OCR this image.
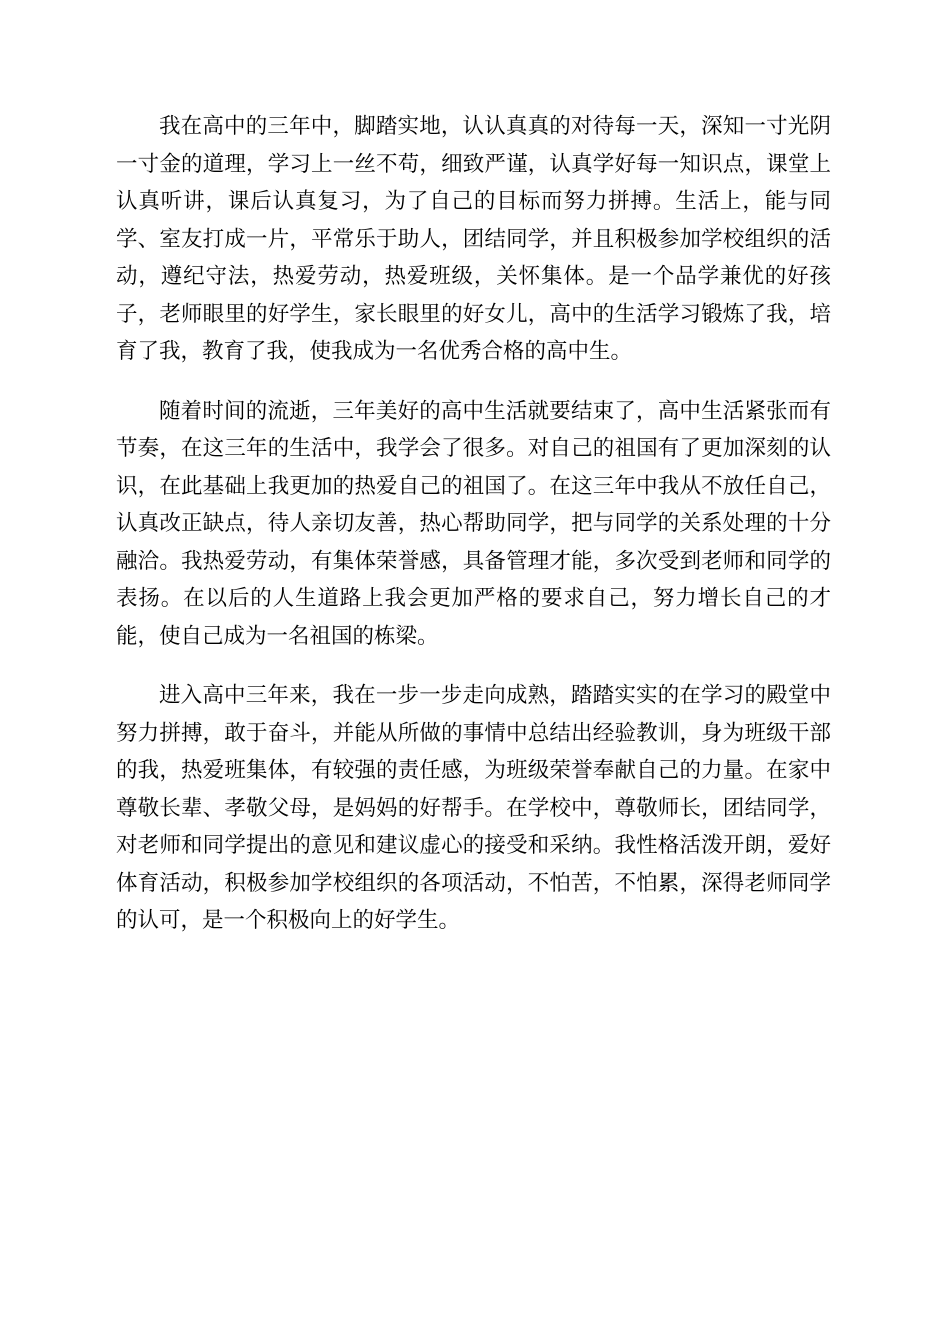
我在高中的三年中，脚踏实地，认认真真的对待每一天，深知一寸光阴一寸金的道理，学习上一丝不苟，细致严谨，认真学好每一知识点，课堂上认真听讲，课后认真复习，为了自己的目标而努力拼搏。生活上，能与同学、室友打成一片，平常乐于助人，团结同学，并且积极参加学校组织的活动，遵纪守法，热爱劳动，热爱班级，关怀集体。是一个品学兼优的好孩子，老师眼里的好学生，家长眼里的好女儿，高中的生活学习锻炼了我，培育了我，教育了我，使我成为一名优秀合格的高中生。

随着时间的流逝，三年美好的高中生活就要结束了，高中生活紧张而有节奏，在这三年的生活中，我学会了很多。对自己的祖国有了更加深刻的认识，在此基础上我更加的热爱自己的祖国了。在这三年中我从不放任自己，认真改正缺点，待人亲切友善，热心帮助同学，把与同学的关系处理的十分融洽。我热爱劳动，有集体荣誉感，具备管理才能，多次受到老师和同学的表扬。在以后的人生道路上我会更加严格的要求自己，努力增长自己的才能，使自己成为一名祖国的栋梁。

进入高中三年来，我在一步一步走向成熟，踏踏实实的在学习的殿堂中努力拼搏，敢于奋斗，并能从所做的事情中总结出经验教训，身为班级干部的我，热爱班集体，有较强的责任感，为班级荣誉奉献自己的力量。在家中尊敬长辈、孝敬父母，是妈妈的好帮手。在学校中，尊敬师长，团结同学，对老师和同学提出的意见和建议虚心的接受和采纳。我性格活泼开朗，爱好体育活动，积极参加学校组织的各项活动，不怕苦，不怕累，深得老师同学的认可，是一个积极向上的好学生。
